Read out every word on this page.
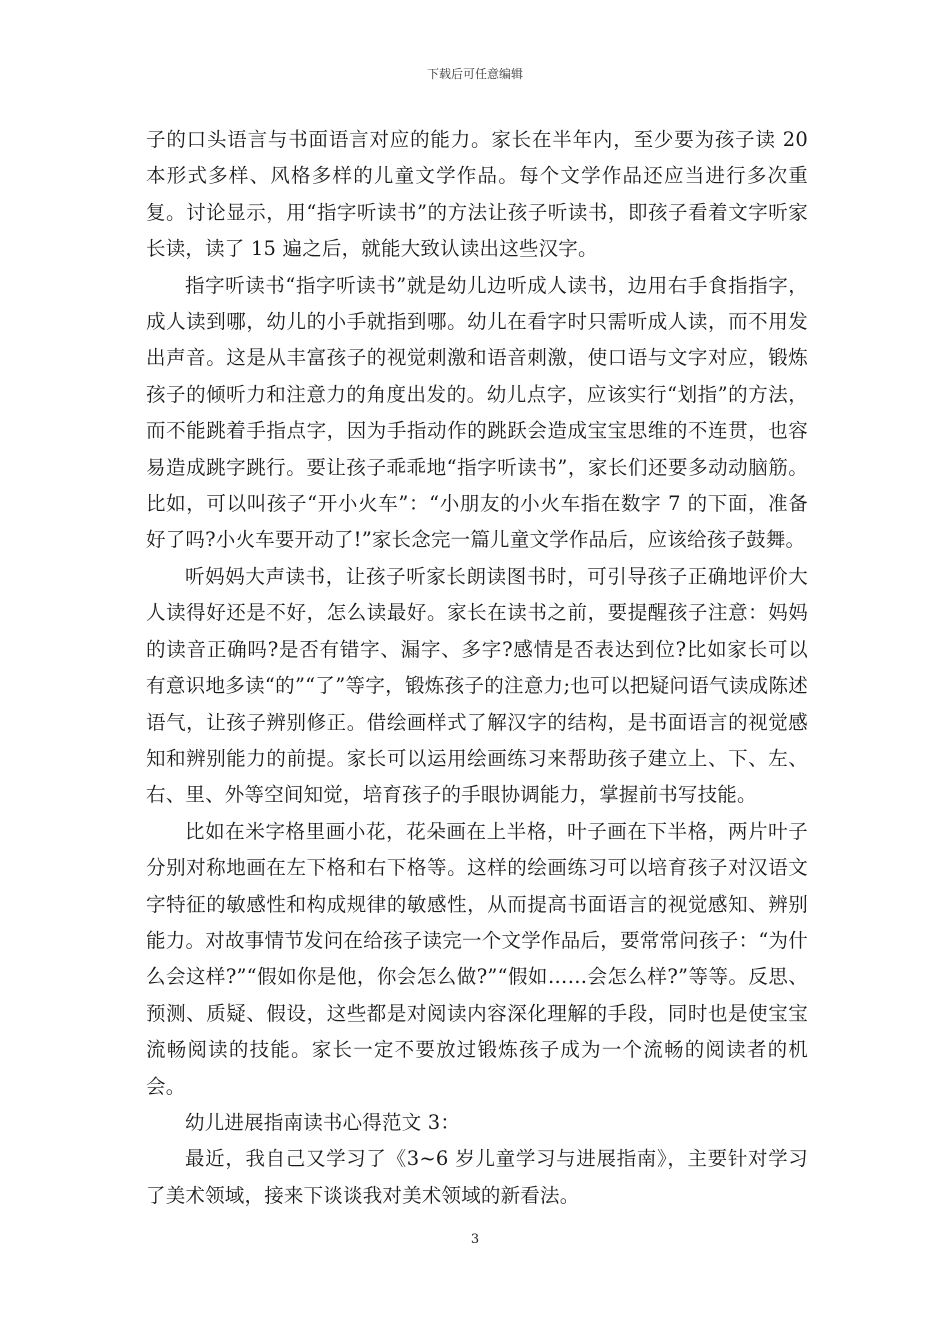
下载后可任意编辑

子的口头语言与书面语言对应的能力。家长在半年内，至少要为孩子读 20 本形式多样、风格多样的儿童文学作品。每个文学作品还应当进行多次重复。讨论显示，用“指字听读书”的方法让孩子听读书，即孩子看着文字听家长读，读了 15 遍之后，就能大致认读出这些汉字。

指字听读书“指字听读书”就是幼儿边听成人读书，边用右手食指指字，成人读到哪，幼儿的小手就指到哪。幼儿在看字时只需听成人读，而不用发出声音。这是从丰富孩子的视觉刺激和语音刺激，使口语与文字对应，锻炼孩子的倾听力和注意力的角度出发的。幼儿点字，应该实行“划指”的方法，而不能跳着手指点字，因为手指动作的跳跃会造成宝宝思维的不连贯，也容易造成跳字跳行。要让孩子乖乖地“指字听读书”，家长们还要多动动脑筋。比如，可以叫孩子“开小火车”：“小朋友的小火车指在数字 7 的下面，准备好了吗?小火车要开动了!”家长念完一篇儿童文学作品后，应该给孩子鼓舞。

听妈妈大声读书，让孩子听家长朗读图书时，可引导孩子正确地评价大人读得好还是不好，怎么读最好。家长在读书之前，要提醒孩子注意：妈妈的读音正确吗?是否有错字、漏字、多字?感情是否表达到位?比如家长可以有意识地多读“的”“了”等字，锻炼孩子的注意力;也可以把疑问语气读成陈述语气，让孩子辨别修正。借绘画样式了解汉字的结构，是书面语言的视觉感知和辨别能力的前提。家长可以运用绘画练习来帮助孩子建立上、下、左、右、里、外等空间知觉，培育孩子的手眼协调能力，掌握前书写技能。

比如在米字格里画小花，花朵画在上半格，叶子画在下半格，两片叶子分别对称地画在左下格和右下格等。这样的绘画练习可以培育孩子对汉语文字特征的敏感性和构成规律的敏感性，从而提高书面语言的视觉感知、辨别能力。对故事情节发问在给孩子读完一个文学作品后，要常常问孩子：“为什么会这样?”“假如你是他，你会怎么做?”“假如……会怎么样?”等等。反思、预测、质疑、假设，这些都是对阅读内容深化理解的手段，同时也是使宝宝流畅阅读的技能。家长一定不要放过锻炼孩子成为一个流畅的阅读者的机会。

幼儿进展指南读书心得范文 3：

最近，我自己又学习了《3~6 岁儿童学习与进展指南》，主要针对学习了美术领域，接来下谈谈我对美术领域的新看法。

3
